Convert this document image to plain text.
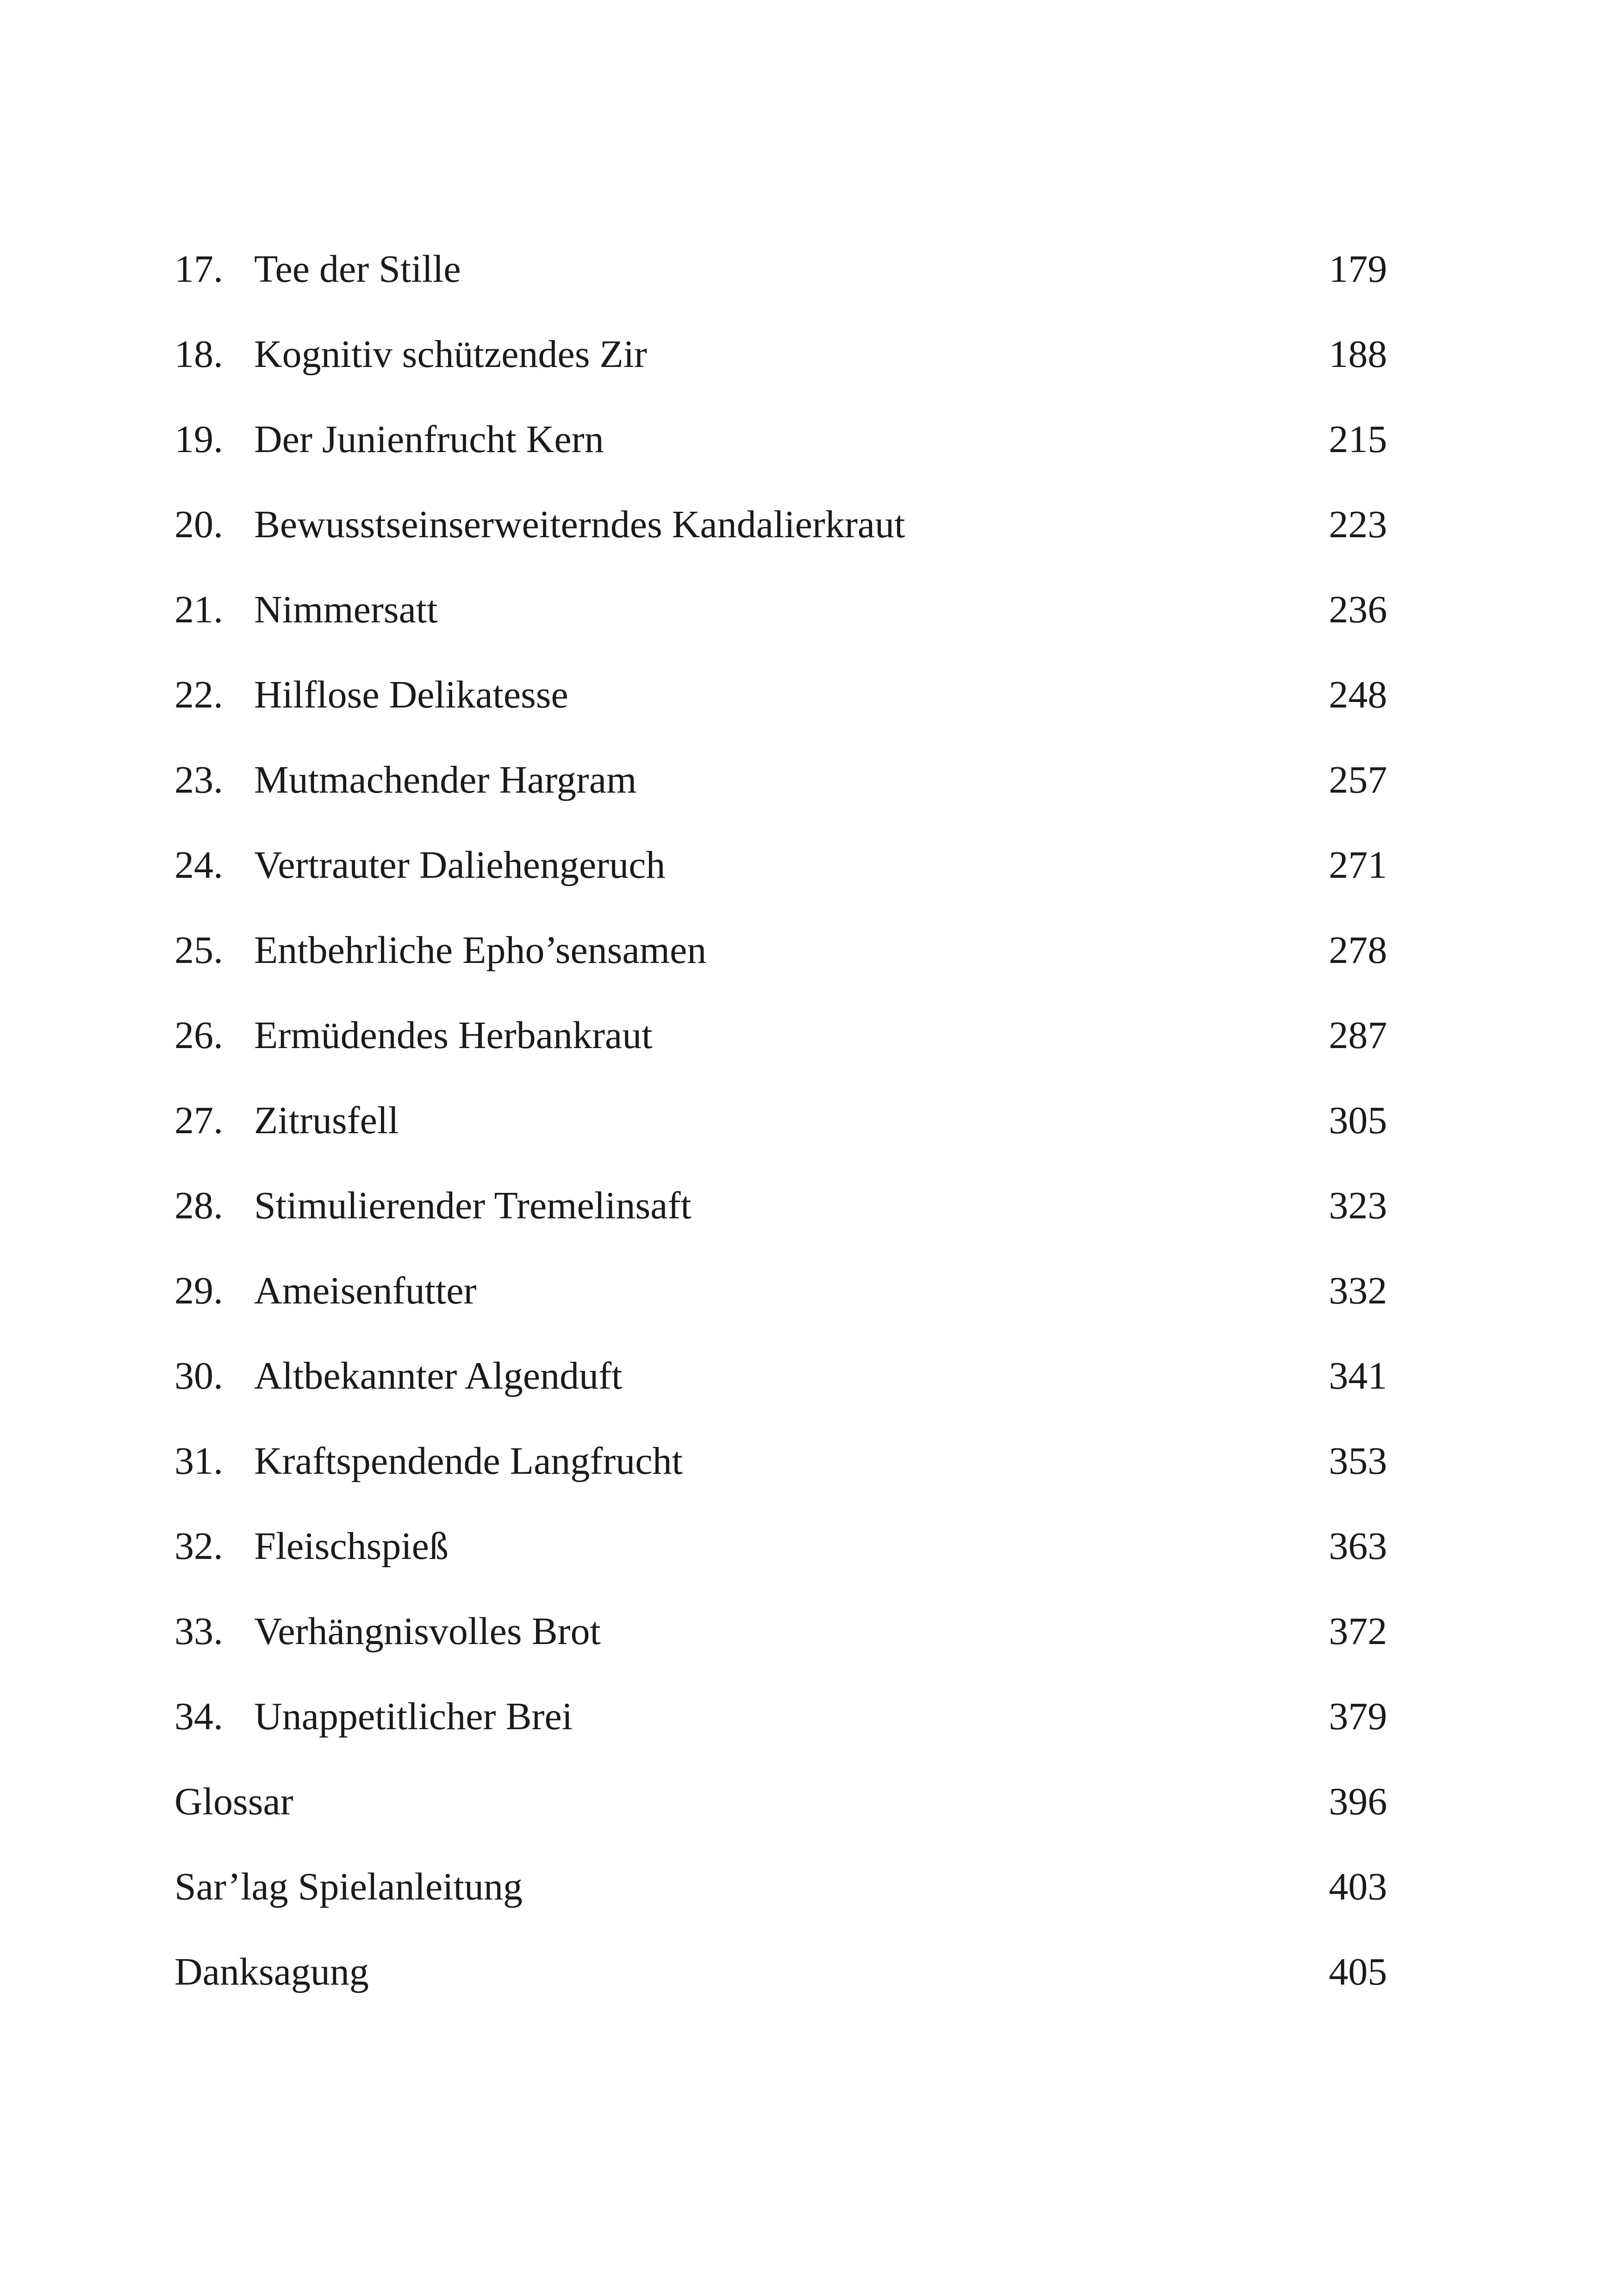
17. Tee der Stille	179
18. Kognitiv schützendes Zir	188
19. Der Junienfrucht Kern	215
20. Bewusstseinserweiterndes Kandalierkraut	223
21. Nimmersatt	236
22. Hilflose Delikatesse	248
23. Mutmachender Hargram	257
24. Vertrauter Daliehengeruch	271
25. Entbehrliche Epho’sensamen	278
26. Ermüdendes Herbankraut	287
27. Zitrusfell	305
28. Stimulierender Tremelinsaft	323
29. Ameisenfutter	332
30. Altbekannter Algenduft	341
31. Kraftspendende Langfrucht	353
32. Fleischspieß	363
33. Verhängnisvolles Brot	372
34. Unappetitlicher Brei	379
Glossar	396
Sar’lag Spielanleitung	403
Danksagung	405
